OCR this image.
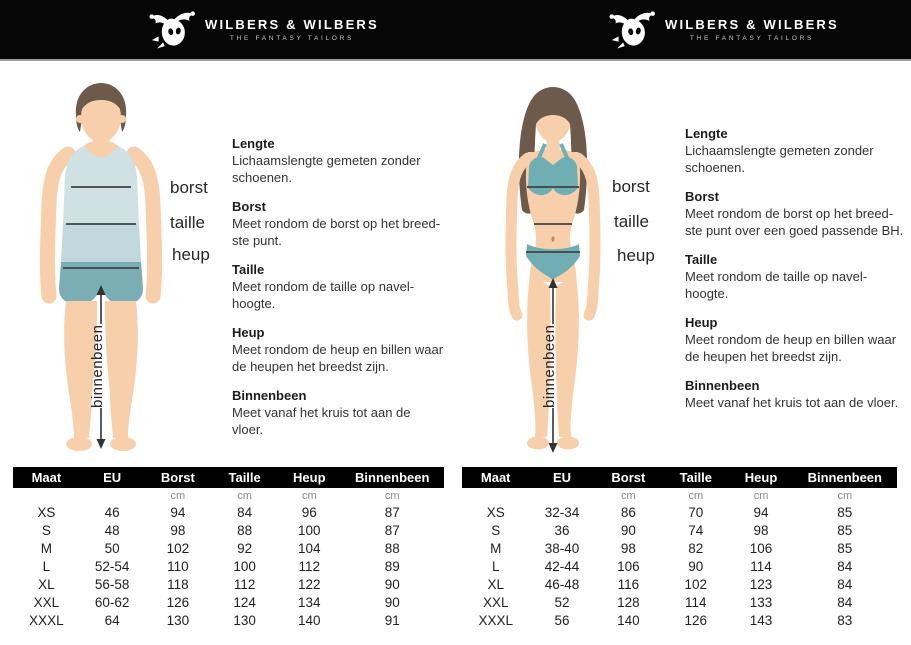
WILBERS & WILBERS
THE FANTASY TAILORS
WILBERS & WILBERS
THE FANTASY TAILORS
binnenbeen
borst
taille
heup
binnenbeen
borst
taille
heup
Lengte
Lichaamslengte gemeten zonder schoenen.
Borst
Meet rondom de borst op het breed-ste punt.
Taille
Meet rondom de taille op navel-hoogte.
Heup
Meet rondom de heup en billen waar de heupen het breedst zijn.
Binnenbeen
Meet vanaf het kruis tot aan de vloer.
Lengte
Lichaamslengte gemeten zonder schoenen.
Borst
Meet rondom de borst op het breed-ste punt over een goed passende BH.
Taille
Meet rondom de taille op navel-hoogte.
Heup
Meet rondom de heup en billen waar de heupen het breedst zijn.
Binnenbeen
Meet vanaf het kruis tot aan de vloer.
Maat	EU	Borst	Taille	Heup	Binnenbeen
		cm	cm	cm	cm
XS	46	94	84	96	87
S	48	98	88	100	87
M	50	102	92	104	88
L	52-54	110	100	112	89
XL	56-58	118	112	122	90
XXL	60-62	126	124	134	90
XXXL	64	130	130	140	91
Maat	EU	Borst	Taille	Heup	Binnenbeen
		cm	cm	cm	cm
XS	32-34	86	70	94	85
S	36	90	74	98	85
M	38-40	98	82	106	85
L	42-44	106	90	114	84
XL	46-48	116	102	123	84
XXL	52	128	114	133	84
XXXL	56	140	126	143	83
